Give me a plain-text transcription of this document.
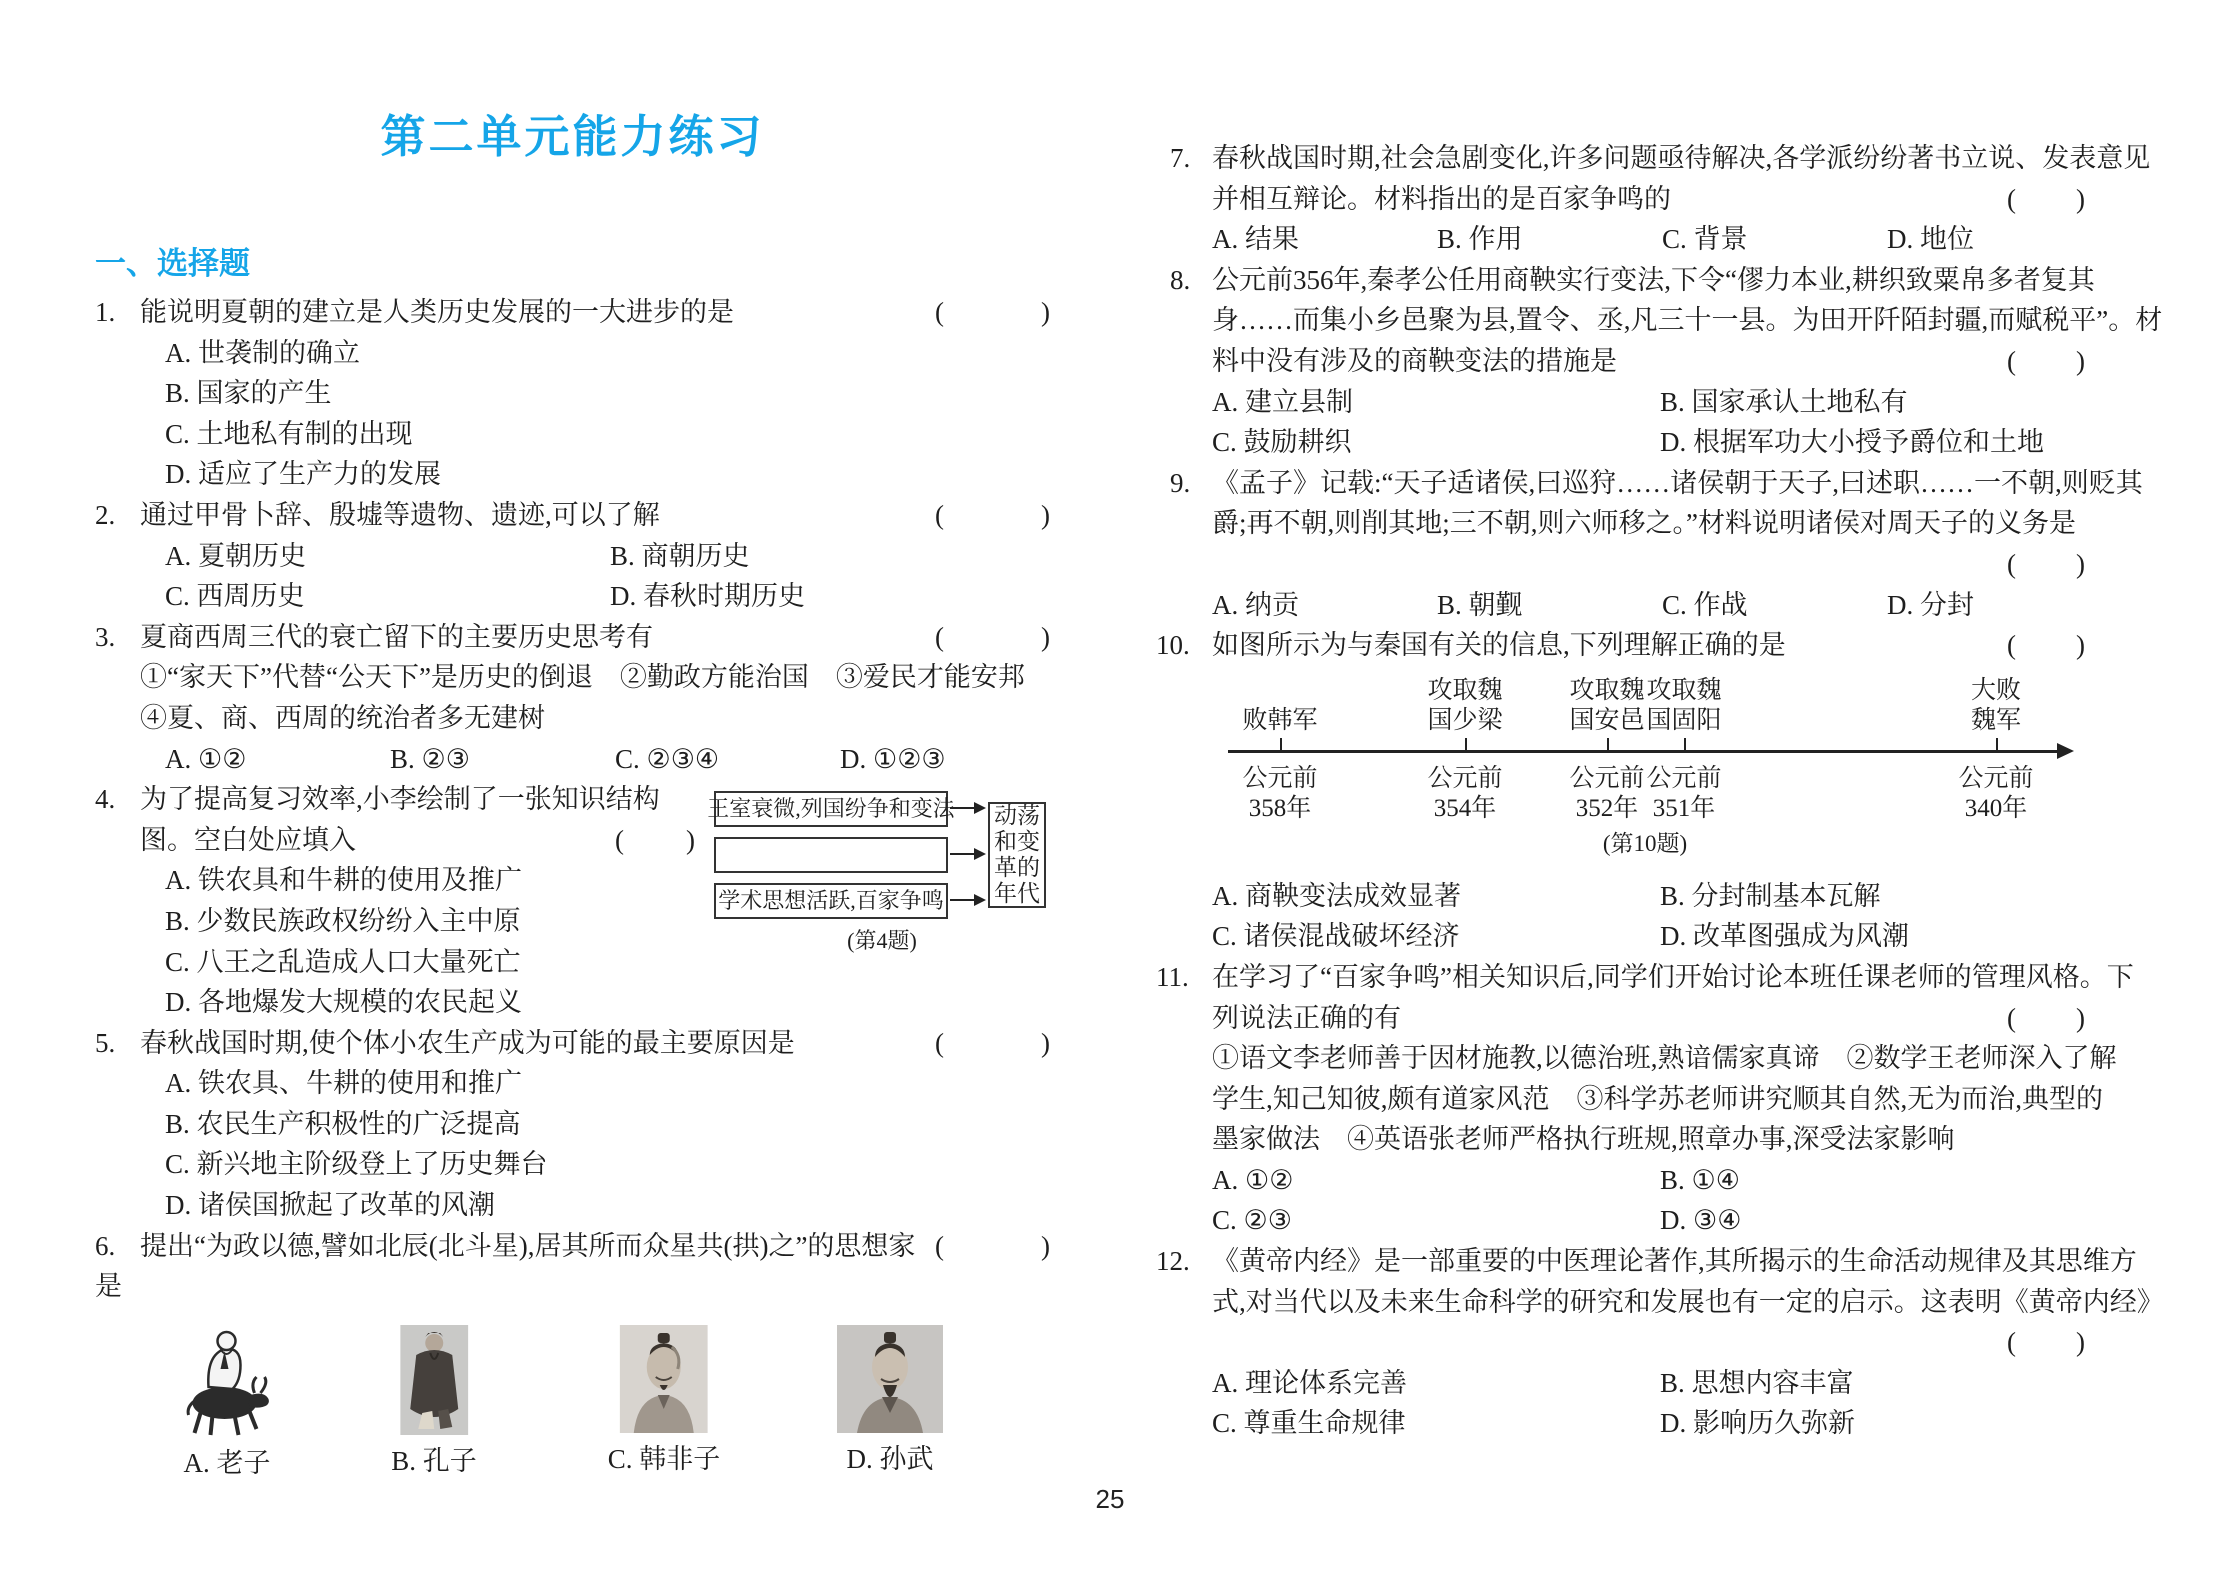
第二单元能力练习
一、选择题
1. 能说明夏朝的建立是人类历史发展的一大进步的是	(	)
A. 世袭制的确立
B. 国家的产生
C. 土地私有制的出现
D. 适应了生产力的发展
2. 通过甲骨卜辞、殷墟等遗物、遗迹,可以了解	(	)
A. 夏朝历史	B. 商朝历史
C. 西周历史	D. 春秋时期历史
3. 夏商西周三代的衰亡留下的主要历史思考有	(	)
①“家天下”代替“公天下”是历史的倒退　②勤政方能治国　③爱民才能安邦
④夏、商、西周的统治者多无建树
A. ①②	B. ②③	C. ②③④	D. ①②③
4. 为了提高复习效率,小李绘制了一张知识结构
图。空白处应填入	( )
A. 铁农具和牛耕的使用及推广
B. 少数民族政权纷纷入主中原
C. 八王之乱造成人口大量死亡
D. 各地爆发大规模的农民起义
王室衰微,列国纷争和变法
学术思想活跃,百家争鸣
动荡和变革的年代
(第4题)
5. 春秋战国时期,使个体小农生产成为可能的最主要原因是	(	)
A. 铁农具、牛耕的使用和推广
B. 农民生产积极性的广泛提高
C. 新兴地主阶级登上了历史舞台
D. 诸侯国掀起了改革的风潮
6. 提出“为政以德,譬如北辰(北斗星),居其所而众星共(拱)之”的思想家是
(	)
A. 老子	B. 孔子	C. 韩非子	D. 孙武
7. 春秋战国时期,社会急剧变化,许多问题亟待解决,各学派纷纷著书立说、发表意见
并相互辩论。材料指出的是百家争鸣的	( )
A. 结果	B. 作用	C. 背景	D. 地位
8. 公元前356年,秦孝公任用商鞅实行变法,下令“僇力本业,耕织致粟帛多者复其
身……而集小乡邑聚为县,置令、丞,凡三十一县。为田开阡陌封疆,而赋税平”。材
料中没有涉及的商鞅变法的措施是	( )
A. 建立县制	B. 国家承认土地私有
C. 鼓励耕织	D. 根据军功大小授予爵位和土地
9. 《孟子》记载:“天子适诸侯,曰巡狩……诸侯朝于天子,曰述职……一不朝,则贬其
爵;再不朝,则削其地;三不朝,则六师移之。”材料说明诸侯对周天子的义务是
( )
A. 纳贡	B. 朝觐	C. 作战	D. 分封
10. 如图所示为与秦国有关的信息,下列理解正确的是	( )
败韩军
公元前
358年
攻取魏
国少梁
公元前
354年
攻取魏
国安邑
公元前
352年
攻取魏
国固阳
公元前
351年
大败
魏军
公元前
340年
(第10题)
A. 商鞅变法成效显著	B. 分封制基本瓦解
C. 诸侯混战破坏经济	D. 改革图强成为风潮
11. 在学习了“百家争鸣”相关知识后,同学们开始讨论本班任课老师的管理风格。下
列说法正确的有	( )
①语文李老师善于因材施教,以德治班,熟谙儒家真谛　②数学王老师深入了解
学生,知己知彼,颇有道家风范　③科学苏老师讲究顺其自然,无为而治,典型的
墨家做法　④英语张老师严格执行班规,照章办事,深受法家影响
A. ①②	B. ①④
C. ②③	D. ③④
12. 《黄帝内经》是一部重要的中医理论著作,其所揭示的生命活动规律及其思维方
式,对当代以及未来生命科学的研究和发展也有一定的启示。这表明《黄帝内经》
( )
A. 理论体系完善	B. 思想内容丰富
C. 尊重生命规律	D. 影响历久弥新
25
